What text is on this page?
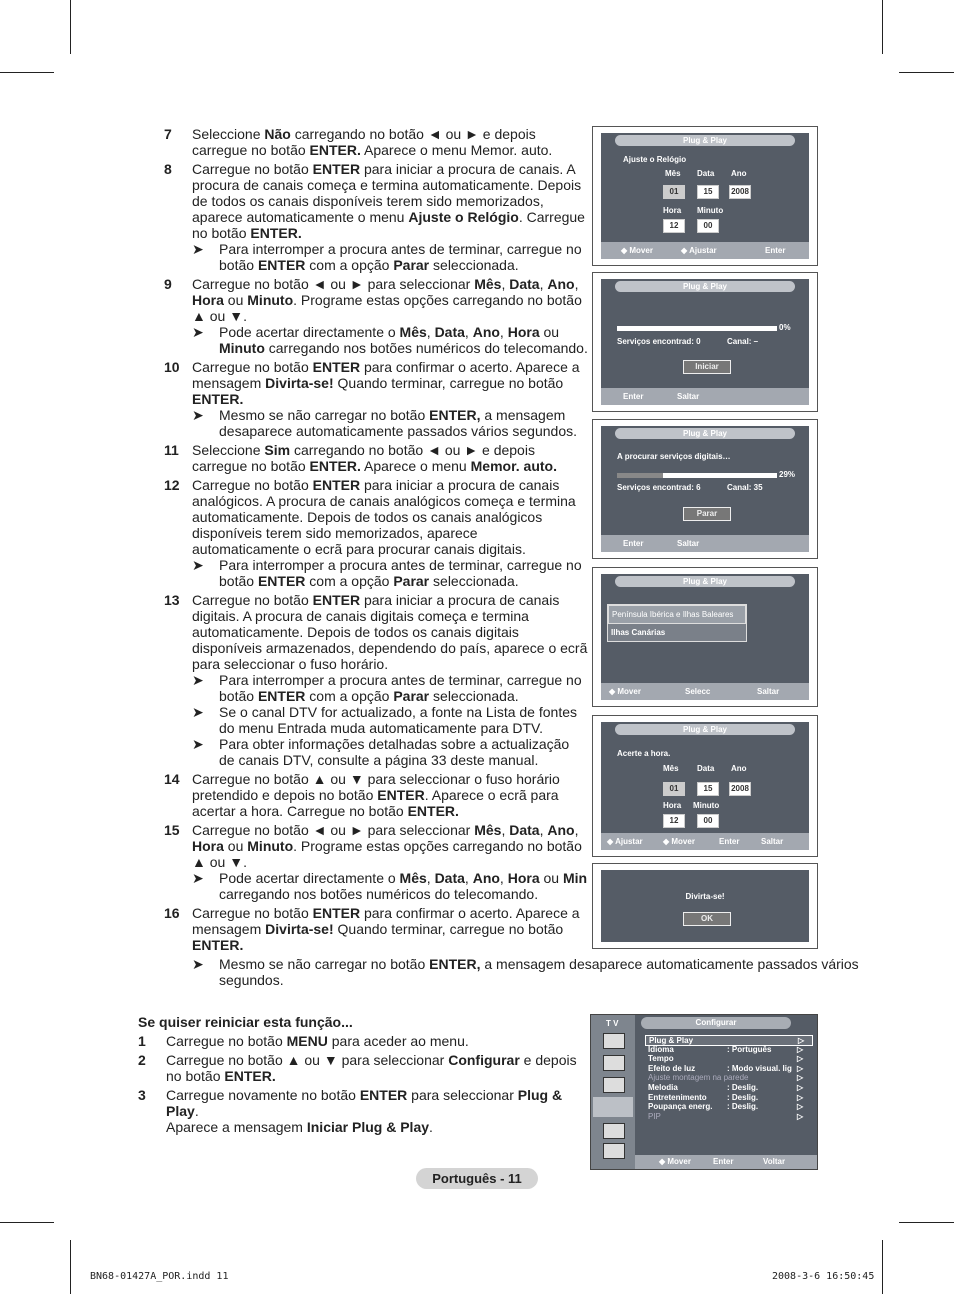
7 Seleccione Não carregando no botão ◄ ou ► e depois carregue no botão ENTER. Aparece o menu Memor. auto.
8 Carregue no botão ENTER para iniciar a procura de canais. A procura de canais começa e termina automaticamente. Depois de todos os canais disponíveis terem sido memorizados, aparece automaticamente o menu Ajuste o Relógio. Carregue no botão ENTER.
➤ Para interromper a procura antes de terminar, carregue no botão ENTER com a opção Parar seleccionada.
9 Carregue no botão ◄ ou ► para seleccionar Mês, Data, Ano, Hora ou Minuto. Programe estas opções carregando no botão ▲ ou ▼.
➤ Pode acertar directamente o Mês, Data, Ano, Hora ou Minuto carregando nos botões numéricos do telecomando.
10 Carregue no botão ENTER para confirmar o acerto. Aparece a mensagem Divirta-se! Quando terminar, carregue no botão ENTER.
➤ Mesmo se não carregar no botão ENTER, a mensagem desaparece automaticamente passados vários segundos.
11 Seleccione Sim carregando no botão ◄ ou ► e depois carregue no botão ENTER. Aparece o menu Memor. auto.
12 Carregue no botão ENTER para iniciar a procura de canais analógicos. A procura de canais analógicos começa e termina automaticamente. Depois de todos os canais analógicos disponíveis terem sido memorizados, aparece automaticamente o ecrã para procurar canais digitais.
➤ Para interromper a procura antes de terminar, carregue no botão ENTER com a opção Parar seleccionada.
13 Carregue no botão ENTER para iniciar a procura de canais digitais. A procura de canais digitais começa e termina automaticamente. Depois de todos os canais digitais disponíveis armazenados, dependendo do país, aparece o ecrã para seleccionar o fuso horário.
➤ Para interromper a procura antes de terminar, carregue no botão ENTER com a opção Parar seleccionada.
➤ Se o canal DTV for actualizado, a fonte na Lista de fontes do menu Entrada muda automaticamente para DTV.
➤ Para obter informações detalhadas sobre a actualização de canais DTV, consulte a página 33 deste manual.
14 Carregue no botão ▲ ou ▼ para seleccionar o fuso horário pretendido e depois no botão ENTER. Aparece o ecrã para acertar a hora. Carregue no botão ENTER.
15 Carregue no botão ◄ ou ► para seleccionar Mês, Data, Ano, Hora ou Minuto. Programe estas opções carregando no botão ▲ ou ▼.
➤ Pode acertar directamente o Mês, Data, Ano, Hora ou Min carregando nos botões numéricos do telecomando.
16 Carregue no botão ENTER para confirmar o acerto. Aparece a mensagem Divirta-se! Quando terminar, carregue no botão ENTER.
➤ Mesmo se não carregar no botão ENTER, a mensagem desaparece automaticamente passados vários segundos.
Se quiser reiniciar esta função...
1 Carregue no botão MENU para aceder ao menu.
2 Carregue no botão ▲ ou ▼ para seleccionar Configurar e depois no botão ENTER.
3 Carregue novamente no botão ENTER para seleccionar Plug & Play.
Aparece a mensagem Iniciar Plug & Play.
Plug & Play
Ajuste o Relógio
Mês Data Ano
01	15	2008
Hora Minuto
12	00
◆ Mover	◆ Ajustar	Enter
Plug & Play
0%
Serviços encontrad: 0	Canal: –
Iniciar
Enter	Saltar
Plug & Play
A procurar serviços digitais…
29%
Serviços encontrad: 6	Canal: 35
Parar
Enter	Saltar
Plug & Play
Península Ibérica e Ilhas Baleares
Ilhas Canárias
◆ Mover	Selecc	Saltar
Plug & Play
Acerte a hora.
Mês Data Ano
01	15	2008
Hora Minuto
12	00
◆ Ajustar	◆ Mover	Enter	Saltar
Divirta-se!
OK
T V	Configurar
Plug & Play	▷
Idioma	: Português	▷
Tempo	▷
Efeito de luz	: Modo visual. lig ▷
Ajuste montagem na parede	▷
Melodia	: Deslig.	▷
Entretenimento	: Deslig.	▷
Poupança energ. : Deslig.	▷
PIP	▷
◆ Mover	Enter	Voltar
Português - 11
BN68-01427A_POR.indd 11	2008-3-6 16:50:45
